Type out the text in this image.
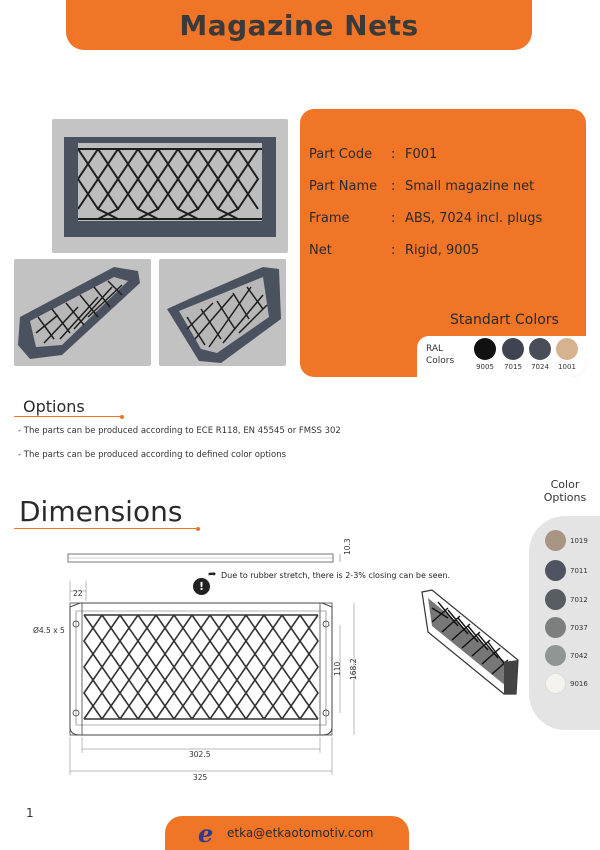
Magazine Nets
Part Code	: F001
Part Name	: Small magazine net
Frame	: ABS, 7024 incl. plugs
Net	: Rigid, 9005
Standart Colors
RAL Colors
9005	7015	7024	1001
Options
- The parts can be produced according to ECE R118, EN 45545 or FMSS 302
- The parts can be produced according to defined color options
Dimensions
10.3
22
Ø4.5 x 5
110 168.2
302.5
325
!
➦ Due to rubber stretch, there is 2-3% closing can be seen.
Color Options
1019
7011
7012
7037
7042
9016
1
e etka@etkaotomotiv.com
